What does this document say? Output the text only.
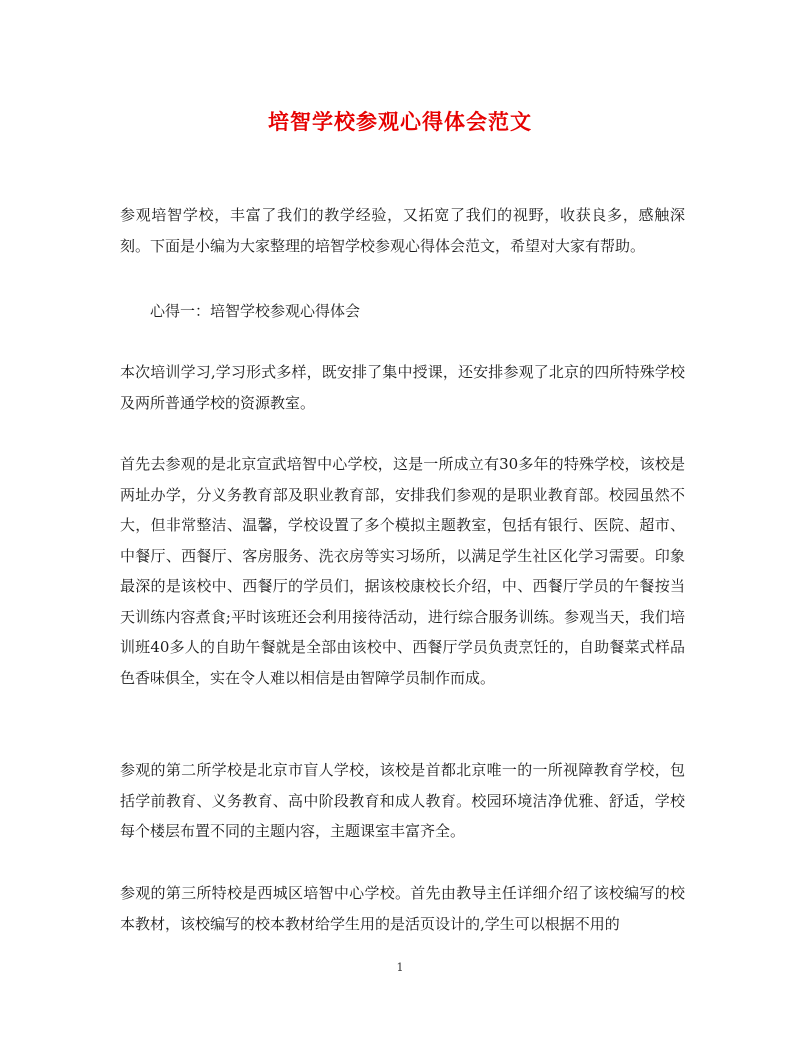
培智学校参观心得体会范文

参观培智学校，丰富了我们的教学经验，又拓宽了我们的视野，收获良多，感触深刻。下面是小编为大家整理的培智学校参观心得体会范文，希望对大家有帮助。

心得一：培智学校参观心得体会

本次培训学习,学习形式多样，既安排了集中授课，还安排参观了北京的四所特殊学校及两所普通学校的资源教室。

首先去参观的是北京宣武培智中心学校，这是一所成立有30多年的特殊学校，该校是两址办学，分义务教育部及职业教育部，安排我们参观的是职业教育部。校园虽然不大，但非常整洁、温馨，学校设置了多个模拟主题教室，包括有银行、医院、超市、中餐厅、西餐厅、客房服务、洗衣房等实习场所，以满足学生社区化学习需要。印象最深的是该校中、西餐厅的学员们，据该校康校长介绍，中、西餐厅学员的午餐按当天训练内容煮食;平时该班还会利用接待活动，进行综合服务训练。参观当天，我们培训班40多人的自助午餐就是全部由该校中、西餐厅学员负责烹饪的，自助餐菜式样品色香味俱全，实在令人难以相信是由智障学员制作而成。

参观的第二所学校是北京市盲人学校，该校是首都北京唯一的一所视障教育学校，包括学前教育、义务教育、高中阶段教育和成人教育。校园环境洁净优雅、舒适，学校每个楼层布置不同的主题内容，主题课室丰富齐全。

参观的第三所特校是西城区培智中心学校。首先由教导主任详细介绍了该校编写的校本教材，该校编写的校本教材给学生用的是活页设计的,学生可以根据不用的

1
